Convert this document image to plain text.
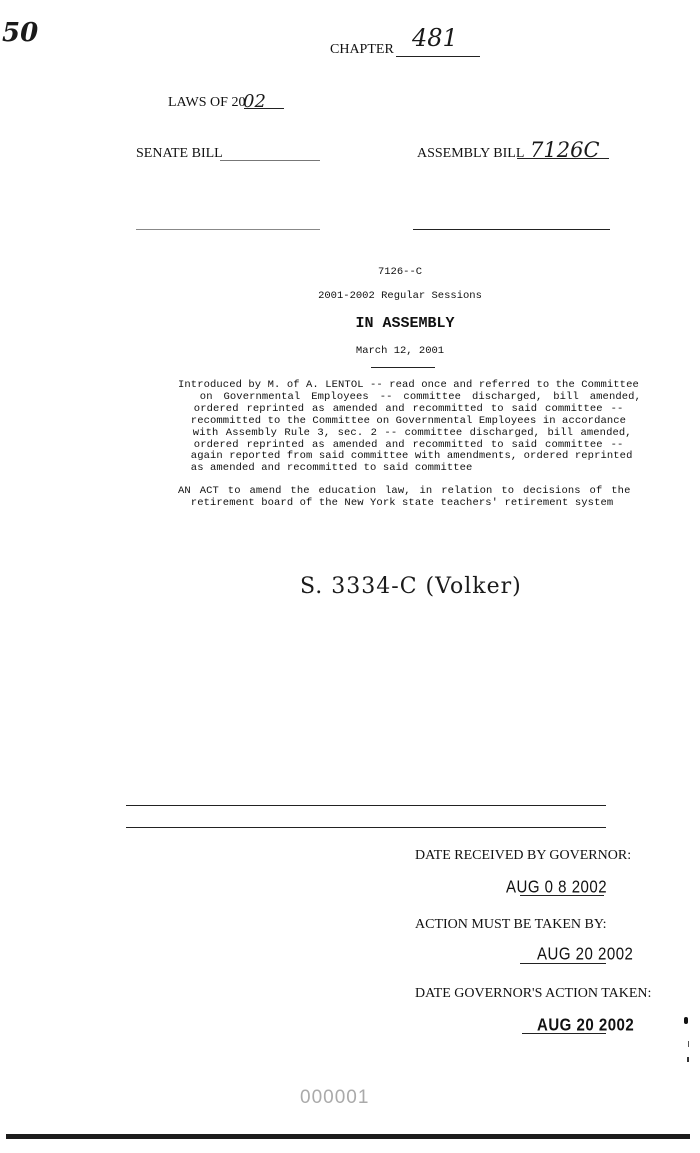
50
CHAPTER 481
LAWS OF 20
02
SENATE BILL	ASSEMBLY BILL 7126C
7126--C
2001-2002 Regular Sessions
IN ASSEMBLY
March 12, 2001
Introduced by M. of A. LENTOL -- read once and referred to the Committee
on Governmental Employees -- committee discharged, bill amended,
ordered reprinted as amended and recommitted to said committee --
recommitted to the Committee on Governmental Employees in accordance
with Assembly Rule 3, sec. 2 -- committee discharged, bill amended,
ordered reprinted as amended and recommitted to said committee --
again reported from said committee with amendments, ordered reprinted
as amended and recommitted to said committee
AN ACT to amend the education law, in relation to decisions of the
retirement board of the New York state teachers' retirement system
S. 3334-C (Volker)
DATE RECEIVED BY GOVERNOR:
AUG 0 8 2002
ACTION MUST BE TAKEN BY:
AUG 20 2002
DATE GOVERNOR'S ACTION TAKEN:
AUG 20 2002
000001
